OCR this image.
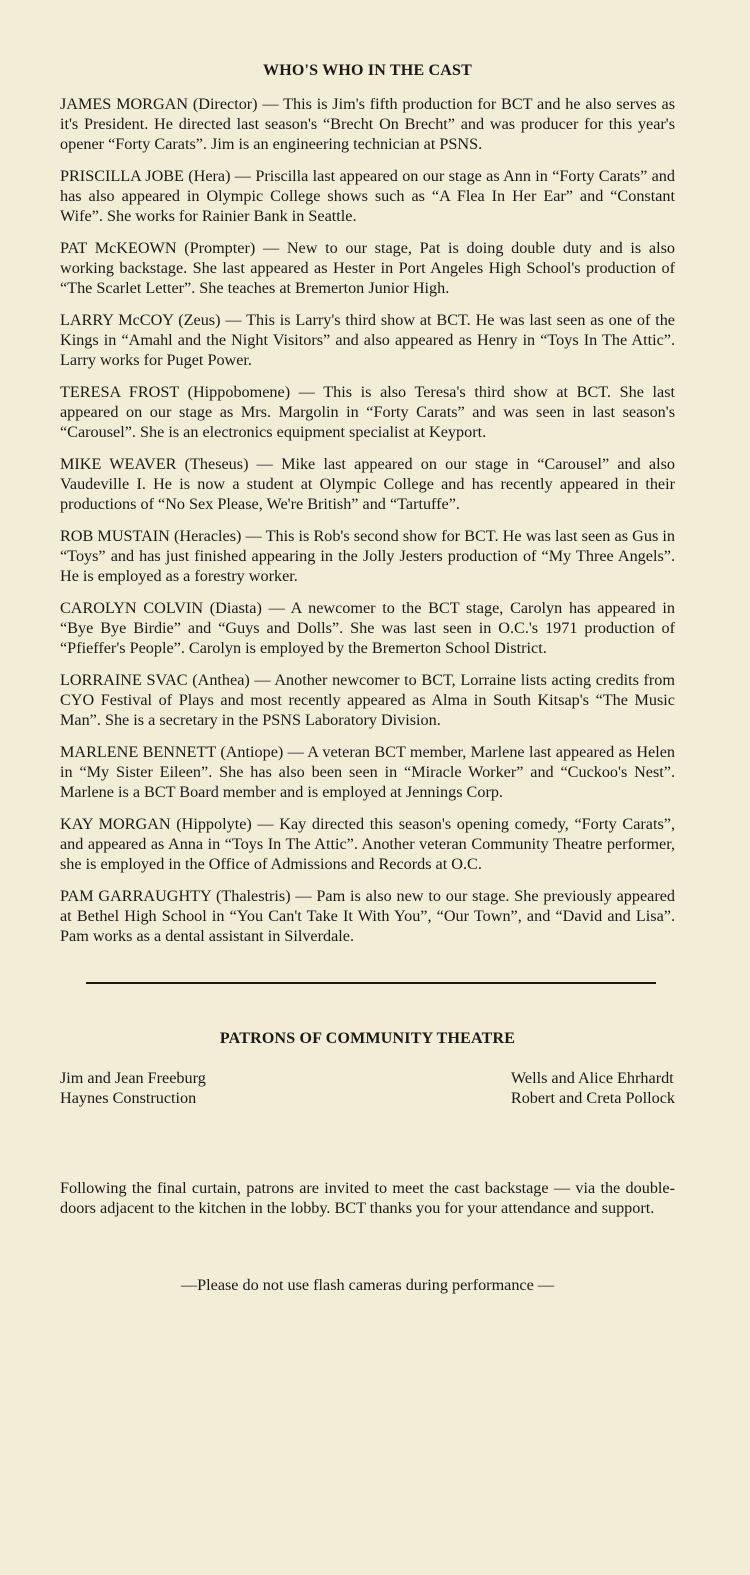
WHO'S WHO IN THE CAST

JAMES MORGAN (Director) — This is Jim's fifth production for BCT and he also serves as it's President. He directed last season's “Brecht On Brecht” and was producer for this year's opener “Forty Carats”. Jim is an engineering technician at PSNS.

PRISCILLA JOBE (Hera) — Priscilla last appeared on our stage as Ann in “Forty Carats” and has also appeared in Olympic College shows such as “A Flea In Her Ear” and “Constant Wife”. She works for Rainier Bank in Seattle.

PAT McKEOWN (Prompter) — New to our stage, Pat is doing double duty and is also working backstage. She last appeared as Hester in Port Angeles High School's production of “The Scarlet Letter”. She teaches at Bremerton Junior High.

LARRY McCOY (Zeus) — This is Larry's third show at BCT. He was last seen as one of the Kings in “Amahl and the Night Visitors” and also appeared as Henry in “Toys In The Attic”. Larry works for Puget Power.

TERESA FROST (Hippobomene) — This is also Teresa's third show at BCT. She last appeared on our stage as Mrs. Margolin in “Forty Carats” and was seen in last season's “Carousel”. She is an electronics equipment specialist at Keyport.

MIKE WEAVER (Theseus) — Mike last appeared on our stage in “Carousel” and also Vaudeville I. He is now a student at Olympic College and has recently appeared in their productions of “No Sex Please, We're British” and “Tartuffe”.

ROB MUSTAIN (Heracles) — This is Rob's second show for BCT. He was last seen as Gus in “Toys” and has just finished appearing in the Jolly Jesters production of “My Three Angels”. He is employed as a forestry worker.

CAROLYN COLVIN (Diasta) — A newcomer to the BCT stage, Carolyn has appeared in “Bye Bye Birdie” and “Guys and Dolls”. She was last seen in O.C.'s 1971 production of “Pfieffer's People”. Carolyn is employed by the Bremerton School District.

LORRAINE SVAC (Anthea) — Another newcomer to BCT, Lorraine lists acting credits from CYO Festival of Plays and most recently appeared as Alma in South Kitsap's “The Music Man”. She is a secretary in the PSNS Laboratory Division.

MARLENE BENNETT (Antiope) — A veteran BCT member, Marlene last appeared as Helen in “My Sister Eileen”. She has also been seen in “Miracle Worker” and “Cuckoo's Nest”. Marlene is a BCT Board member and is employed at Jennings Corp.

KAY MORGAN (Hippolyte) — Kay directed this season's opening comedy, “Forty Carats”, and appeared as Anna in “Toys In The Attic”. Another veteran Community Theatre performer, she is employed in the Office of Admissions and Records at O.C.

PAM GARRAUGHTY (Thalestris) — Pam is also new to our stage. She previously appeared at Bethel High School in “You Can't Take It With You”, “Our Town”, and “David and Lisa”. Pam works as a dental assistant in Silverdale.

PATRONS OF COMMUNITY THEATRE
Jim and Jean Freeburg
Haynes Construction
Wells and Alice Ehrhardt
Robert and Creta Pollock

Following the final curtain, patrons are invited to meet the cast backstage — via the double-doors adjacent to the kitchen in the lobby. BCT thanks you for your attendance and support.

—Please do not use flash cameras during performance —
